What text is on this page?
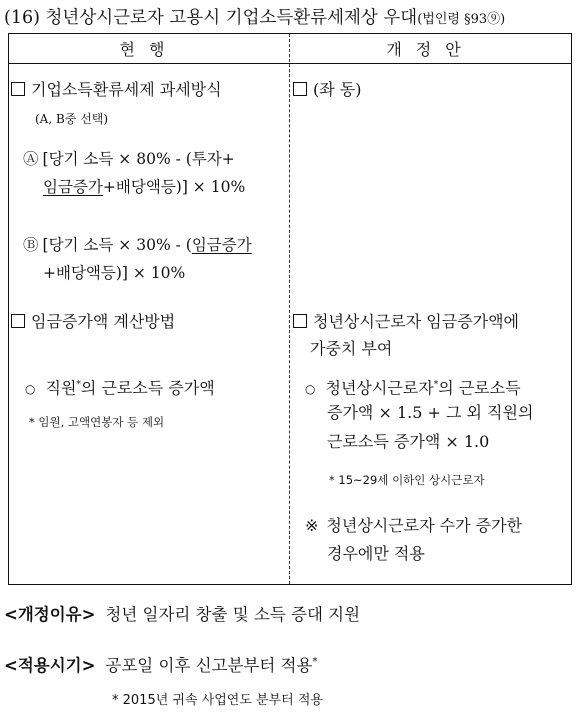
(16) 청년상시근로자 고용시 기업소득환류세제상 우대(법인령 §93⑨)
현행	개정안
기업소득환류세제 과세방식
(A, B중 선택)
Ⓐ [당기 소득 × 80% - (투자+
임금증가+배당액등)] × 10%
Ⓑ [당기 소득 × 30% - (임금증가
+배당액등)] × 10%
임금증가액 계산방법
○ 직원*의 근로소득 증가액
* 임원, 고액연봉자 등 제외
(좌 동)
청년상시근로자 임금증가액에
가중치 부여
○ 청년상시근로자*의 근로소득
증가액 × 1.5 + 그 외 직원의
근로소득 증가액 × 1.0
* 15~29세 이하인 상시근로자
※ 청년상시근로자 수가 증가한
경우에만 적용
<개정이유> 청년 일자리 창출 및 소득 증대 지원
<적용시기> 공포일 이후 신고분부터 적용*
* 2015년 귀속 사업연도 분부터 적용
